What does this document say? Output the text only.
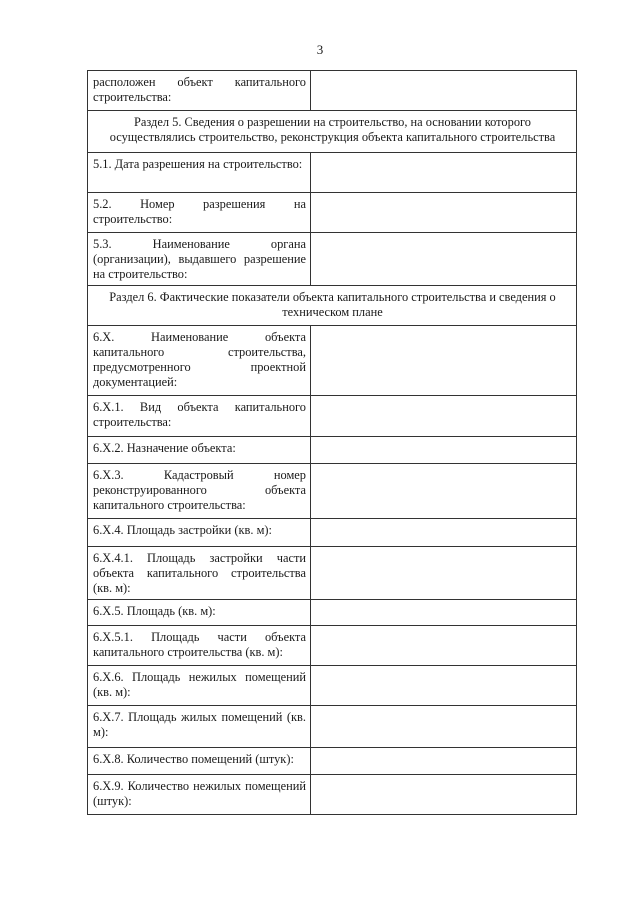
3
расположен объект капитального строительства:	
Раздел 5. Сведения о разрешении на строительство, на основании которого осуществлялись строительство, реконструкция объекта капитального строительства	
5.1. Дата разрешения на строительство:	
5.2. Номер разрешения на строительство:	
5.3. Наименование органа (организации), выдавшего разрешение на строительство:	
Раздел 6. Фактические показатели объекта капитального строительства и сведения о техническом плане	
6.X. Наименование объекта капитального строительства, предусмотренного проектной документацией:	
6.X.1. Вид объекта капитального строительства:	
6.X.2. Назначение объекта:	
6.X.3. Кадастровый номер реконструированного объекта капитального строительства:	
6.X.4. Площадь застройки (кв. м):	
6.X.4.1. Площадь застройки части объекта капитального строительства (кв. м):	
6.X.5. Площадь (кв. м):	
6.X.5.1. Площадь части объекта капитального строительства (кв. м):	
6.X.6. Площадь нежилых помещений (кв. м):	
6.X.7. Площадь жилых помещений (кв. м):	
6.X.8. Количество помещений (штук):	
6.X.9. Количество нежилых помещений (штук):	
